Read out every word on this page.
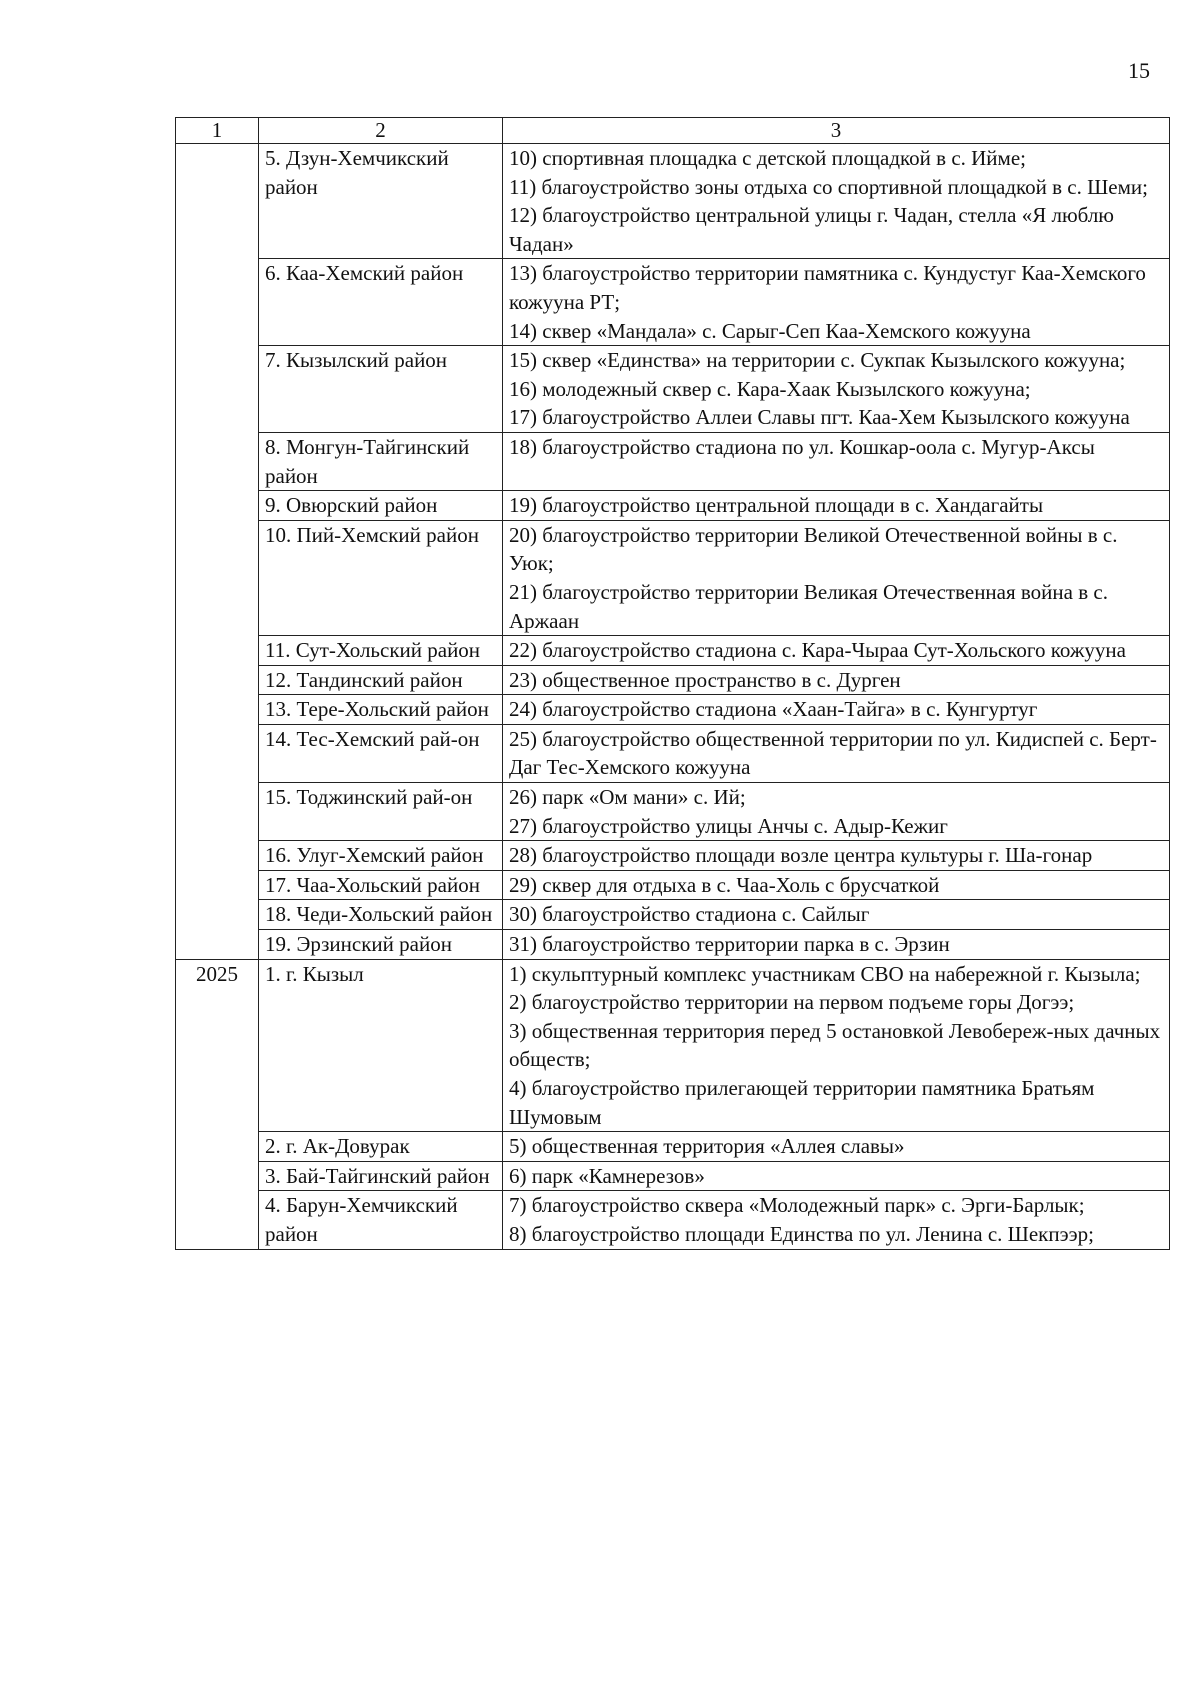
15
1	2	3
	5. Дзун-Хемчикский район	10) спортивная площадка с детской площадкой в с. Ийме;
11) благоустройство зоны отдыха со спортивной площадкой в с. Шеми;
12) благоустройство центральной улицы г. Чадан, стелла «Я люблю Чадан»

	6. Каа-Хемский район	13) благоустройство территории памятника с. Кундустуг Каа-Хемского кожууна РТ;
14) сквер «Мандала» с. Сарыг-Сеп Каа-Хемского кожууна

	7. Кызылский район	15) сквер «Единства» на территории с. Сукпак Кызылского кожууна;
16) молодежный сквер с. Кара-Хаак Кызылского кожууна;
17) благоустройство Аллеи Славы пгт. Каа-Хем Кызылского кожууна

	8. Монгун-Тайгинский район	18) благоустройство стадиона по ул. Кошкар-оола с. Мугур-Аксы

	9. Овюрский район	19) благоустройство центральной площади в с. Хандагайты

	10. Пий-Хемский район	20) благоустройство территории Великой Отечественной войны в с. Уюк;
21) благоустройство территории Великая Отечественная война в с. Аржаан

	11. Сут-Хольский район	22) благоустройство стадиона с. Кара-Чыраа Сут-Хольского кожууна

	12. Тандинский район	23) общественное пространство в с. Дурген

	13. Тере-Хольский район	24) благоустройство стадиона «Хаан-Тайга» в с. Кунгуртуг

	14. Тес-Хемский рай-он	25) благоустройство общественной территории по ул. Кидиспей с. Берт-Даг Тес-Хемского кожууна

	15. Тоджинский рай-он	26) парк «Ом мани» с. Ий;
27) благоустройство улицы Анчы с. Адыр-Кежиг

	16. Улуг-Хемский район	28) благоустройство площади возле центра культуры г. Ша-гонар

	17. Чаа-Хольский район	29) сквер для отдыха в с. Чаа-Холь с брусчаткой

	18. Чеди-Хольский район	30) благоустройство стадиона с. Сайлыг

	19. Эрзинский район	31) благоустройство территории парка в с. Эрзин

2025	1. г. Кызыл	1) скульптурный комплекс участникам СВО на набережной г. Кызыла;
2) благоустройство территории на первом подъеме горы Догээ;
3) общественная территория перед 5 остановкой Левобереж-ных дачных обществ;
4) благоустройство прилегающей территории памятника Братьям Шумовым

	2. г. Ак-Довурак	5) общественная территория «Аллея славы»

	3. Бай-Тайгинский район	6) парк «Камнерезов»

	4. Барун-Хемчикский район	7) благоустройство сквера «Молодежный парк» с. Эрги-Барлык;
8) благоустройство площади Единства по ул. Ленина с. Шекпээр;
